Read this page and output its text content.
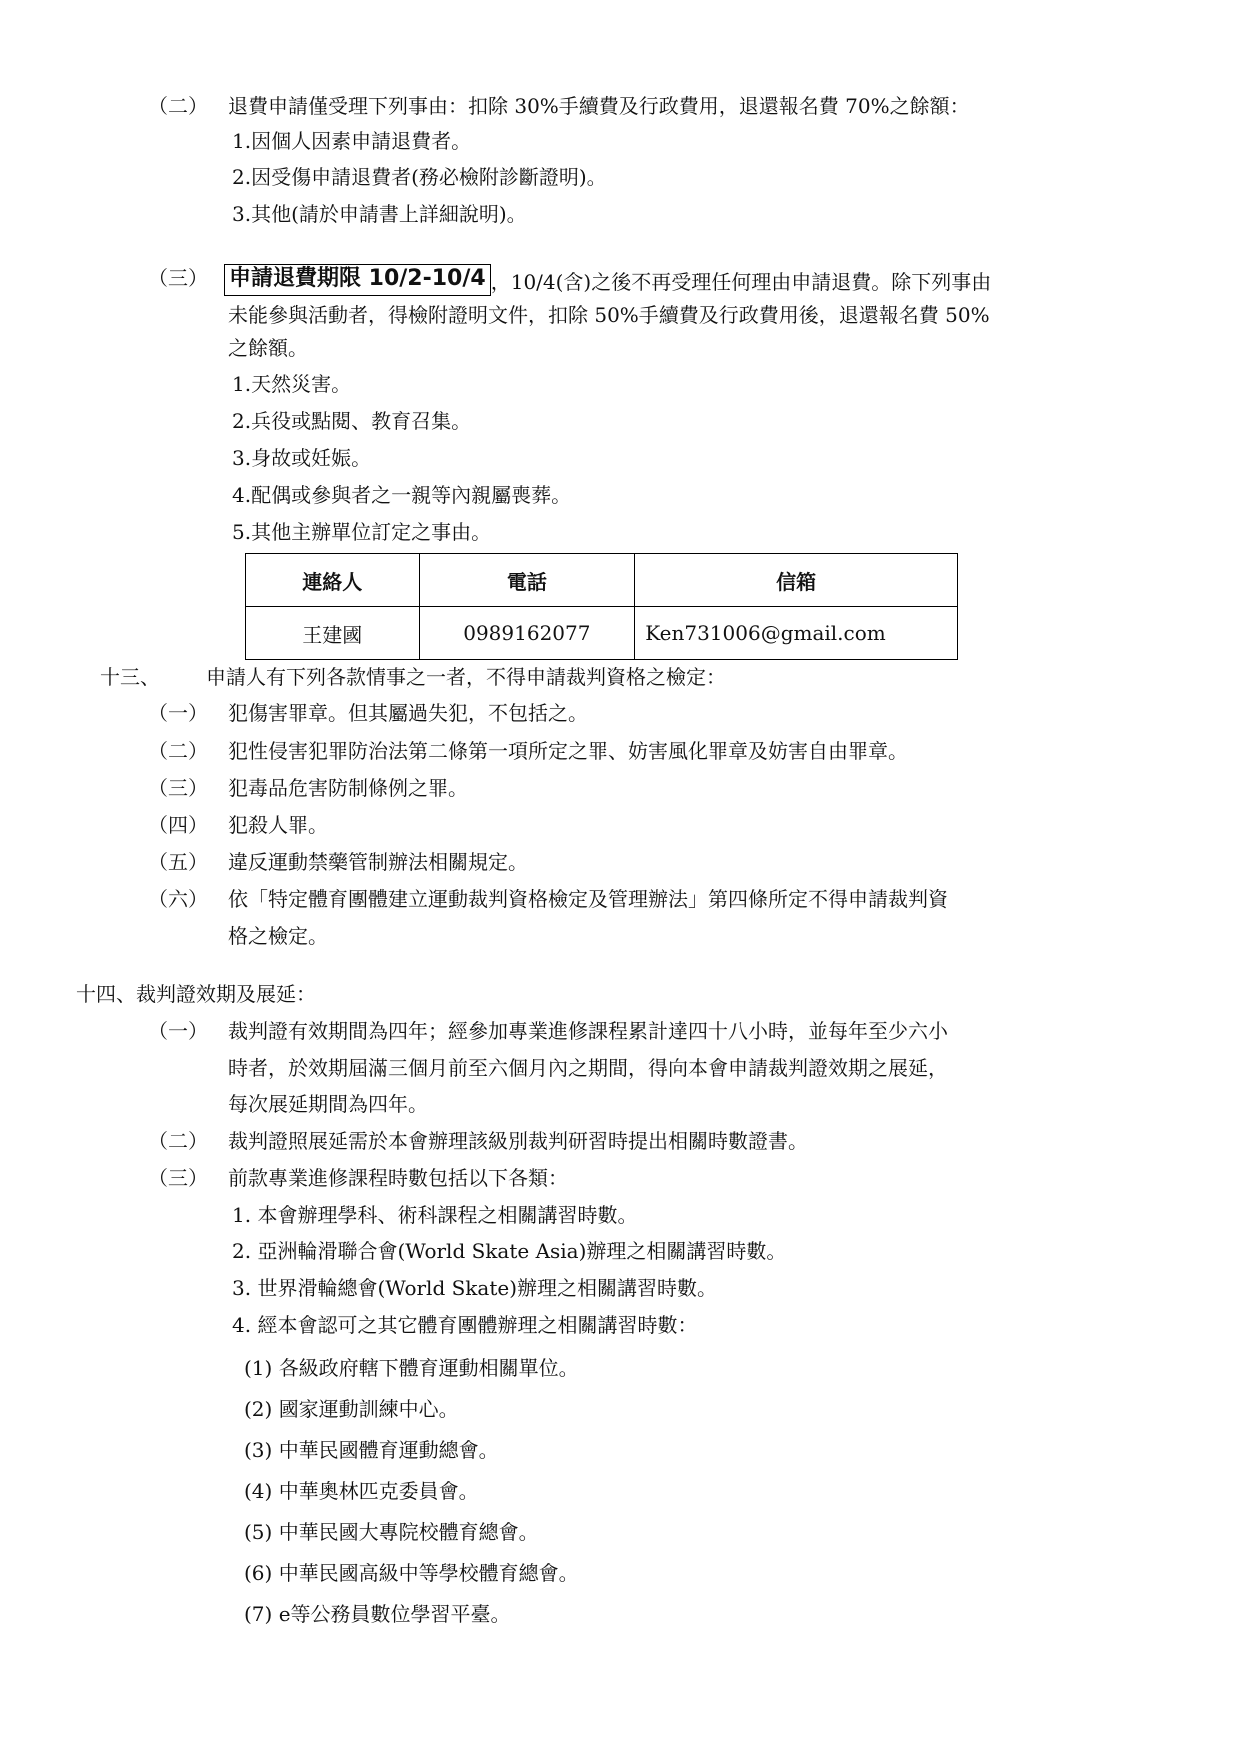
（二） 退費申請僅受理下列事由：扣除 30%手續費及行政費用，退還報名費 70%之餘額：
1.因個人因素申請退費者。
2.因受傷申請退費者(務必檢附診斷證明)。
3.其他(請於申請書上詳細說明)。
（三） 申請退費期限 10/2-10/4 ，10/4(含)之後不再受理任何理由申請退費。除下列事由
未能參與活動者，得檢附證明文件，扣除 50%手續費及行政費用後，退還報名費 50%
之餘額。
1.天然災害。
2.兵役或點閱、教育召集。
3.身故或妊娠。
4.配偶或參與者之一親等內親屬喪葬。
5.其他主辦單位訂定之事由。
連絡人	電話	信箱
王建國	0989162077	Ken731006@gmail.com
十三、 申請人有下列各款情事之一者，不得申請裁判資格之檢定：
（一） 犯傷害罪章。但其屬過失犯，不包括之。
（二） 犯性侵害犯罪防治法第二條第一項所定之罪、妨害風化罪章及妨害自由罪章。
（三） 犯毒品危害防制條例之罪。
（四） 犯殺人罪。
（五） 違反運動禁藥管制辦法相關規定。
（六） 依「特定體育團體建立運動裁判資格檢定及管理辦法」第四條所定不得申請裁判資
格之檢定。
十四、裁判證效期及展延：
（一） 裁判證有效期間為四年；經參加專業進修課程累計達四十八小時，並每年至少六小
時者，於效期屆滿三個月前至六個月內之期間，得向本會申請裁判證效期之展延，
每次展延期間為四年。
（二） 裁判證照展延需於本會辦理該級別裁判研習時提出相關時數證書。
（三） 前款專業進修課程時數包括以下各類：
1. 本會辦理學科、術科課程之相關講習時數。
2. 亞洲輪滑聯合會(World Skate Asia)辦理之相關講習時數。
3. 世界滑輪總會(World Skate)辦理之相關講習時數。
4. 經本會認可之其它體育團體辦理之相關講習時數：
(1) 各級政府轄下體育運動相關單位。
(2) 國家運動訓練中心。
(3) 中華民國體育運動總會。
(4) 中華奧林匹克委員會。
(5) 中華民國大專院校體育總會。
(6) 中華民國高級中等學校體育總會。
(7) e等公務員數位學習平臺。
